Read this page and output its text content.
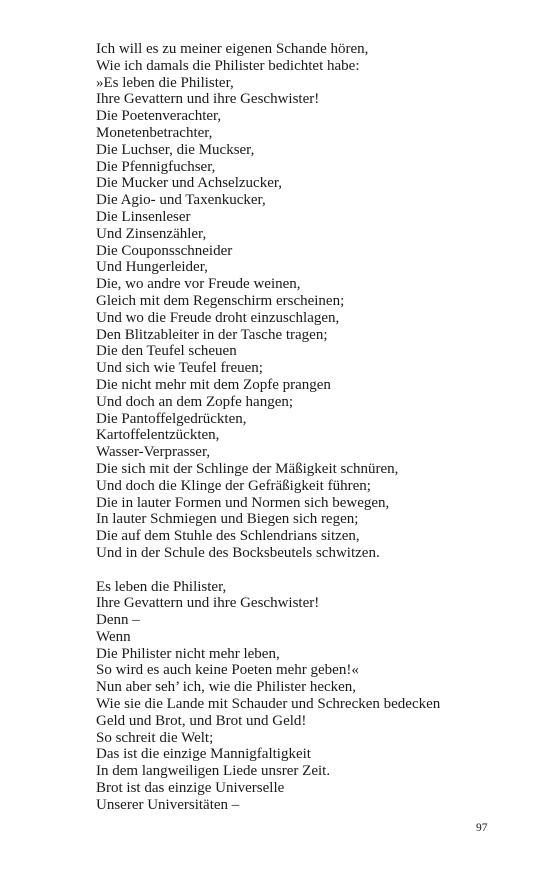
Ich will es zu meiner eigenen Schande hören,
Wie ich damals die Philister bedichtet habe:
»Es leben die Philister,
Ihre Gevattern und ihre Geschwister!
Die Poetenverachter,
Monetenbetrachter,
Die Luchser, die Muckser,
Die Pfennigfuchser,
Die Mucker und Achselzucker,
Die Agio- und Taxenkucker,
Die Linsenleser
Und Zinsenzähler,
Die Couponsschneider
Und Hungerleider,
Die, wo andre vor Freude weinen,
Gleich mit dem Regenschirm erscheinen;
Und wo die Freude droht einzuschlagen,
Den Blitzableiter in der Tasche tragen;
Die den Teufel scheuen
Und sich wie Teufel freuen;
Die nicht mehr mit dem Zopfe prangen
Und doch an dem Zopfe hangen;
Die Pantoffelgedrückten,
Kartoffelentzückten,
Wasser-Verprasser,
Die sich mit der Schlinge der Mäßigkeit schnüren,
Und doch die Klinge der Gefräßigkeit führen;
Die in lauter Formen und Normen sich bewegen,
In lauter Schmiegen und Biegen sich regen;
Die auf dem Stuhle des Schlendrians sitzen,
Und in der Schule des Bocksbeutels schwitzen.
Es leben die Philister,
Ihre Gevattern und ihre Geschwister!
Denn –
Wenn
Die Philister nicht mehr leben,
So wird es auch keine Poeten mehr geben!«
Nun aber seh’ ich, wie die Philister hecken,
Wie sie die Lande mit Schauder und Schrecken bedecken
Geld und Brot, und Brot und Geld!
So schreit die Welt;
Das ist die einzige Mannigfaltigkeit
In dem langweiligen Liede unsrer Zeit.
Brot ist das einzige Universelle
Unserer Universitäten –
97
